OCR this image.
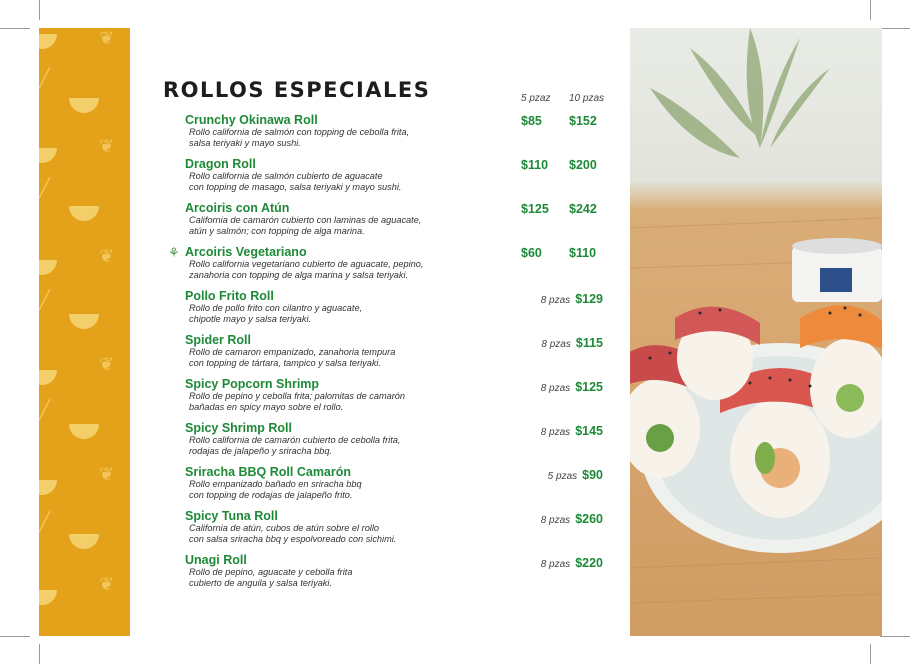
❦
╱
❦
╱
❦
╱
❦
╱
❦
╱
❦
ROLLOS ESPECIALES	5 pzaz 10 pzas
⚘
Crunchy Okinawa Roll
Rollo california de salmón con topping de cebolla frita,
salsa teriyaki y mayo sushi.
$85 $152
Dragon Roll
Rollo california de salmón cubierto de aguacate
con topping de masago, salsa teriyaki y mayo sushi.
$110 $200
Arcoiris con Atún
California de camarón cubierto con laminas de aguacate,
atún y salmón; con topping de alga marina.
$125 $242
Arcoiris Vegetariano
Rollo california vegetariano cubierto de aguacate, pepino,
zanahoria con topping de alga marina y salsa teriyaki.
$60 $110
Pollo Frito Roll
Rollo de pollo frito con cilantro y aguacate,
chipotle mayo y salsa teriyaki.
8 pzas $129
Spider Roll
Rollo de camaron empanizado, zanahoria tempura
con topping de tártara, tampico y salsa teriyaki.
8 pzas $115
Spicy Popcorn Shrimp
Rollo de pepino y cebolla frita; palomitas de camarón
bañadas en spicy mayo sobre el rollo.
8 pzas $125
Spicy Shrimp Roll
Rollo california de camarón cubierto de cebolla frita,
rodajas de jalapeño y sriracha bbq.
8 pzas $145
Sriracha BBQ Roll Camarón
Rollo empanizado bañado en sriracha bbq
con topping de rodajas de jalapeño frito.
5 pzas $90
Spicy Tuna Roll
California de atún, cubos de atún sobre el rollo
con salsa sriracha bbq y espolvoreado con sichimi.
8 pzas $260
Unagi Roll
Rollo de pepino, aguacate y cebolla frita
cubierto de anguila y salsa teriyaki.
8 pzas $220
